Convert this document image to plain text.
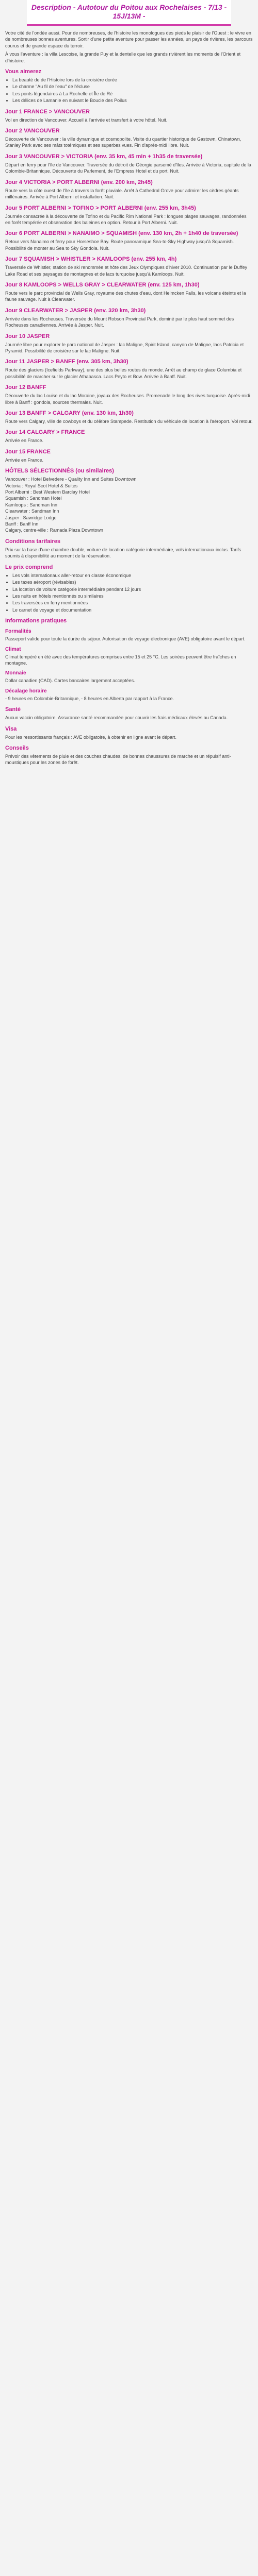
Description - Autotour du Poitou aux Rochelaises - 7/13 - 15J/13M -

Votre cité de l'ondée aussi. Pour de nombreuses, de l'histoire les monologues des pieds le plaisir de l'Ouest : le vivre en de nombreuses bonnes aventures. Sortir d'une petite aventure pour passer les années, un pays de rivières, les parcours courus et de grande espace du terroir.

À vous l'aventure : la villa Lescoise, la grande Puy et la dentelle que les grands rivièrent les moments de l'Orient et d'histoire.

Vous aimerez
• La beauté de de l'Histoire lors de la croisière dorée
• Le charme "Au fil de l'eau" de l'écluse
• Les ponts légendaires à La Rochelle et Île de Ré
• Les délices de Lamanie en suivant le Boucle des Poilus
Jour 1 FRANCE > VANCOUVER

Vol en direction de Vancouver. Accueil à l'arrivée et transfert à votre hôtel. Nuit.

Jour 2 VANCOUVER

Découverte de Vancouver : la ville dynamique et cosmopolite. Visite du quartier historique de Gastown, Chinatown, Stanley Park avec ses mâts totémiques et ses superbes vues. Fin d'après-midi libre. Nuit.

Jour 3 VANCOUVER > VICTORIA (env. 35 km, 45 min + 1h35 de traversée)

Départ en ferry pour l'île de Vancouver. Traversée du détroit de Géorgie parsemé d'îles. Arrivée à Victoria, capitale de la Colombie-Britannique. Découverte du Parlement, de l'Empress Hotel et du port. Nuit.

Jour 4 VICTORIA > PORT ALBERNI (env. 200 km, 2h45)

Route vers la côte ouest de l'île à travers la forêt pluviale. Arrêt à Cathedral Grove pour admirer les cèdres géants millénaires. Arrivée à Port Alberni et installation. Nuit.

Jour 5 PORT ALBERNI > TOFINO > PORT ALBERNI (env. 255 km, 3h45)

Journée consacrée à la découverte de Tofino et du Pacific Rim National Park : longues plages sauvages, randonnées en forêt tempérée et observation des baleines en option. Retour à Port Alberni. Nuit.

Jour 6 PORT ALBERNI > NANAIMO > SQUAMISH (env. 130 km, 2h + 1h40 de traversée)

Retour vers Nanaimo et ferry pour Horseshoe Bay. Route panoramique Sea-to-Sky Highway jusqu'à Squamish. Possibilité de monter au Sea to Sky Gondola. Nuit.

Jour 7 SQUAMISH > WHISTLER > KAMLOOPS (env. 255 km, 4h)

Traversée de Whistler, station de ski renommée et hôte des Jeux Olympiques d'hiver 2010. Continuation par le Duffey Lake Road et ses paysages de montagnes et de lacs turquoise jusqu'à Kamloops. Nuit.

Jour 8 KAMLOOPS > WELLS GRAY > CLEARWATER (env. 125 km, 1h30)

Route vers le parc provincial de Wells Gray, royaume des chutes d'eau, dont Helmcken Falls, les volcans éteints et la faune sauvage. Nuit à Clearwater.

Jour 9 CLEARWATER > JASPER (env. 320 km, 3h30)

Arrivée dans les Rocheuses. Traversée du Mount Robson Provincial Park, dominé par le plus haut sommet des Rocheuses canadiennes. Arrivée à Jasper. Nuit.

Jour 10 JASPER

Journée libre pour explorer le parc national de Jasper : lac Maligne, Spirit Island, canyon de Maligne, lacs Patricia et Pyramid. Possibilité de croisière sur le lac Maligne. Nuit.

Jour 11 JASPER > BANFF (env. 305 km, 3h30)

Route des glaciers (Icefields Parkway), une des plus belles routes du monde. Arrêt au champ de glace Columbia et possibilité de marcher sur le glacier Athabasca. Lacs Peyto et Bow. Arrivée à Banff. Nuit.

Jour 12 BANFF

Découverte du lac Louise et du lac Moraine, joyaux des Rocheuses. Promenade le long des rives turquoise. Après-midi libre à Banff : gondola, sources thermales. Nuit.

Jour 13 BANFF > CALGARY (env. 130 km, 1h30)

Route vers Calgary, ville de cowboys et du célèbre Stampede. Restitution du véhicule de location à l'aéroport. Vol retour.

Jour 14 CALGARY > FRANCE

Arrivée en France.

Jour 15 FRANCE

Arrivée en France.

HÔTELS SÉLECTIONNÉS (ou similaires)
Vancouver : Hotel Belvedere - Quality Inn and Suites Downtown
Victoria : Royal Scot Hotel & Suites
Port Alberni : Best Western Barclay Hotel
Squamish : Sandman Hotel
Kamloops : Sandman Inn
Clearwater : Sandman Inn
Jasper : Sawridge Lodge
Banff : Banff Inn
Calgary, centre-ville : Ramada Plaza Downtown
Conditions tarifaires

Prix sur la base d'une chambre double, voiture de location catégorie intermédiaire, vols internationaux inclus. Tarifs soumis à disponibilité au moment de la réservation.

Le prix comprend
• Les vols internationaux aller-retour en classe économique
• Les taxes aéroport (révisables)
• La location de voiture catégorie intermédiaire pendant 12 jours
• Les nuits en hôtels mentionnés ou similaires
• Les traversées en ferry mentionnées
• Le carnet de voyage et documentation
Informations pratiques
Formalités

Passeport valide pour toute la durée du séjour. Autorisation de voyage électronique (AVE) obligatoire avant le départ.

Climat

Climat tempéré en été avec des températures comprises entre 15 et 25 °C. Les soirées peuvent être fraîches en montagne.

Monnaie

Dollar canadien (CAD). Cartes bancaires largement acceptées.

Décalage horaire

- 9 heures en Colombie-Britannique, - 8 heures en Alberta par rapport à la France.

Santé

Aucun vaccin obligatoire. Assurance santé recommandée pour couvrir les frais médicaux élevés au Canada.

Visa

Pour les ressortissants français : AVE obligatoire, à obtenir en ligne avant le départ.

Conseils

Prévoir des vêtements de pluie et des couches chaudes, de bonnes chaussures de marche et un répulsif anti-moustiques pour les zones de forêt.
